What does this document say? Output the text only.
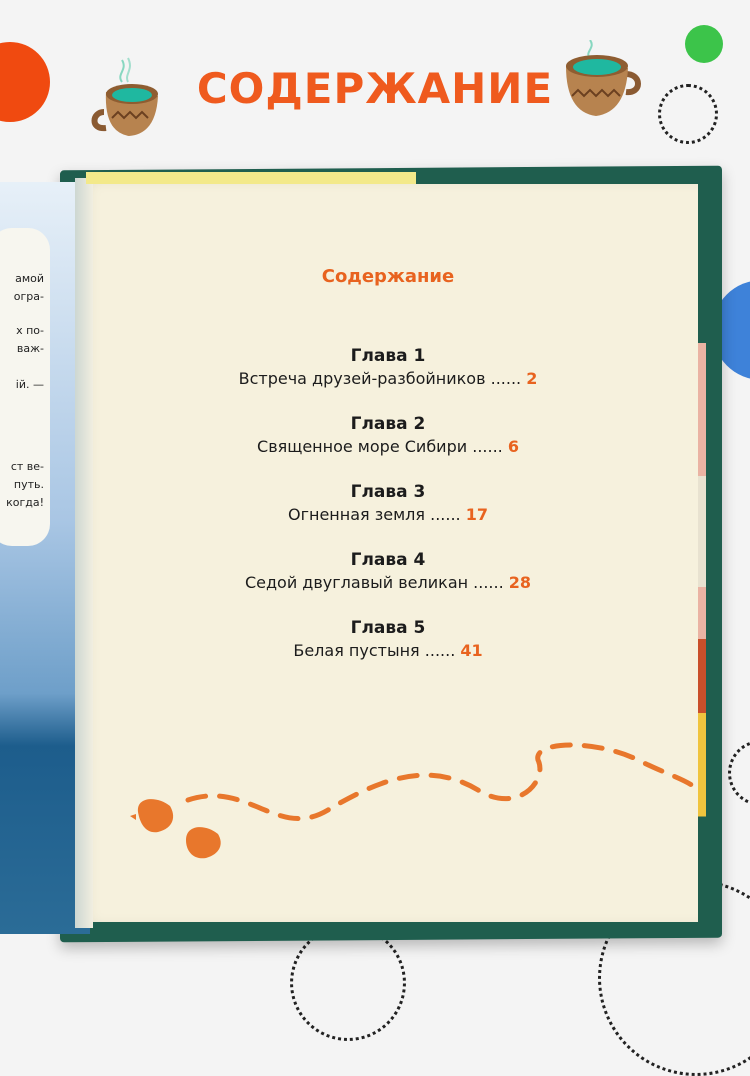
СОДЕРЖАНИЕ
амой
огра-
х по-
важ-
ій. —
ст ве-
путь.
когда!
Содержание
Глава 1
Встреча друзей-разбойников ...... 2
Глава 2
Священное море Сибири ...... 6
Глава 3
Огненная земля ...... 17
Глава 4
Седой двуглавый великан ...... 28
Глава 5
Белая пустыня ...... 41
